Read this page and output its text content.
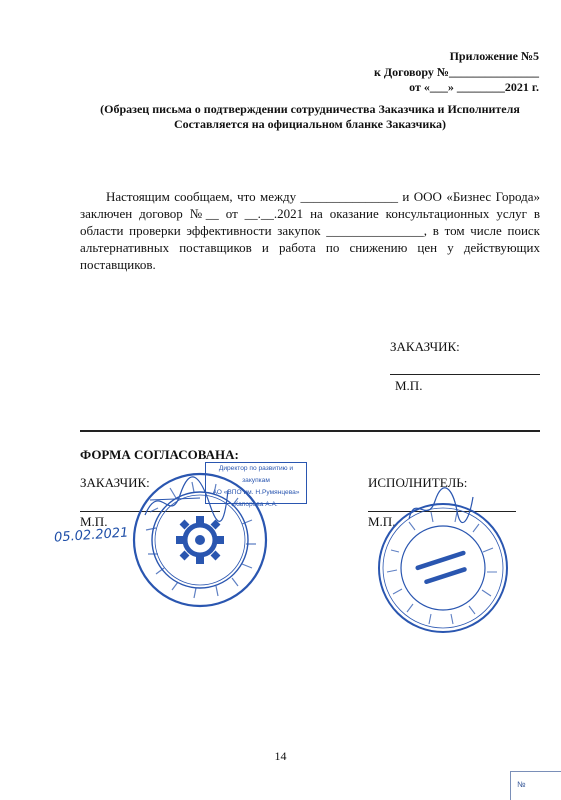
Приложение №5
к Договору №_______________
от «___» ________2021 г.
(Образец письма о подтверждении сотрудничества Заказчика и Исполнителя
Составляется на официальном бланке Заказчика)
Настоящим сообщаем, что между _______________ и ООО «Бизнес Города» заключен договор №__ от __.__.2021 на оказание консультационных услуг в области проверки эффективности закупок _______________, в том числе поиск альтернативных поставщиков и работа по снижению цен у действующих поставщиков.
ЗАКАЗЧИК:
М.П.
ФОРМА СОГЛАСОВАНА:
ЗАКАЗЧИК:	ИСПОЛНИТЕЛЬ:
М.П.	М.П.
Директор по развитию и закупкам
АО «ВПО им. Н.Румянцева»
Капорова А.А.
05.02.2021
14
№
